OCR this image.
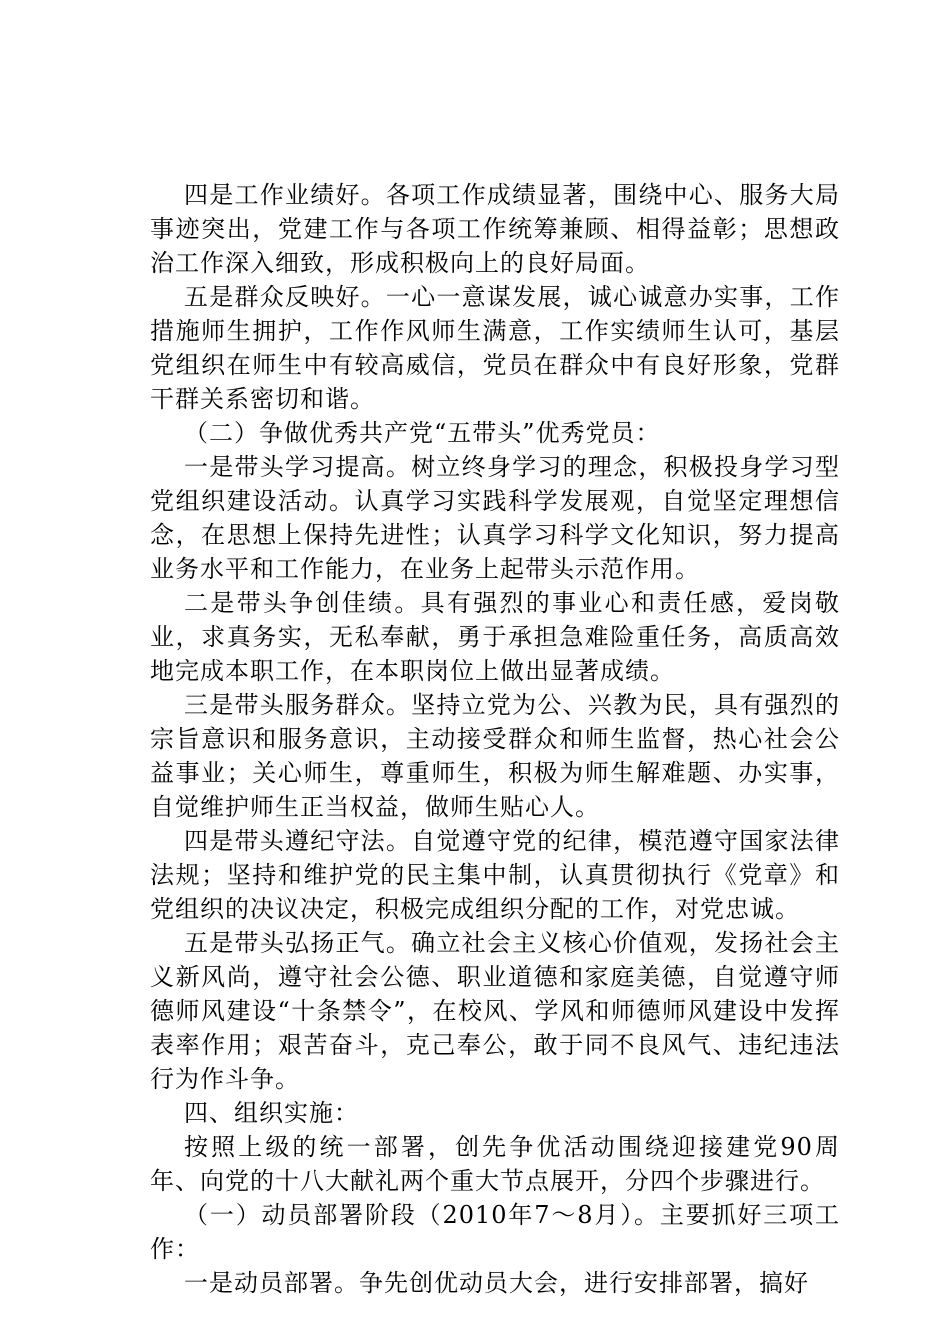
四是工作业绩好。各项工作成绩显著，围绕中心、服务大局事迹突出，党建工作与各项工作统筹兼顾、相得益彰；思想政治工作深入细致，形成积极向上的良好局面。

五是群众反映好。一心一意谋发展，诚心诚意办实事，工作措施师生拥护，工作作风师生满意，工作实绩师生认可，基层党组织在师生中有较高威信，党员在群众中有良好形象，党群干群关系密切和谐。

（二）争做优秀共产党“五带头”优秀党员：

一是带头学习提高。树立终身学习的理念，积极投身学习型党组织建设活动。认真学习实践科学发展观，自觉坚定理想信念，在思想上保持先进性；认真学习科学文化知识，努力提高业务水平和工作能力，在业务上起带头示范作用。

二是带头争创佳绩。具有强烈的事业心和责任感，爱岗敬业，求真务实，无私奉献，勇于承担急难险重任务，高质高效地完成本职工作，在本职岗位上做出显著成绩。

三是带头服务群众。坚持立党为公、兴教为民，具有强烈的宗旨意识和服务意识，主动接受群众和师生监督，热心社会公益事业；关心师生，尊重师生，积极为师生解难题、办实事，自觉维护师生正当权益，做师生贴心人。

四是带头遵纪守法。自觉遵守党的纪律，模范遵守国家法律法规；坚持和维护党的民主集中制，认真贯彻执行《党章》和党组织的决议决定，积极完成组织分配的工作，对党忠诚。

五是带头弘扬正气。确立社会主义核心价值观，发扬社会主义新风尚，遵守社会公德、职业道德和家庭美德，自觉遵守师德师风建设“十条禁令”，在校风、学风和师德师风建设中发挥表率作用；艰苦奋斗，克己奉公，敢于同不良风气、违纪违法行为作斗争。

四、组织实施：

按照上级的统一部署，创先争优活动围绕迎接建党90周年、向党的十八大献礼两个重大节点展开，分四个步骤进行。

（一）动员部署阶段（2010年7～8月）。主要抓好三项工作：

一是动员部署。争先创优动员大会，进行安排部署，搞好
